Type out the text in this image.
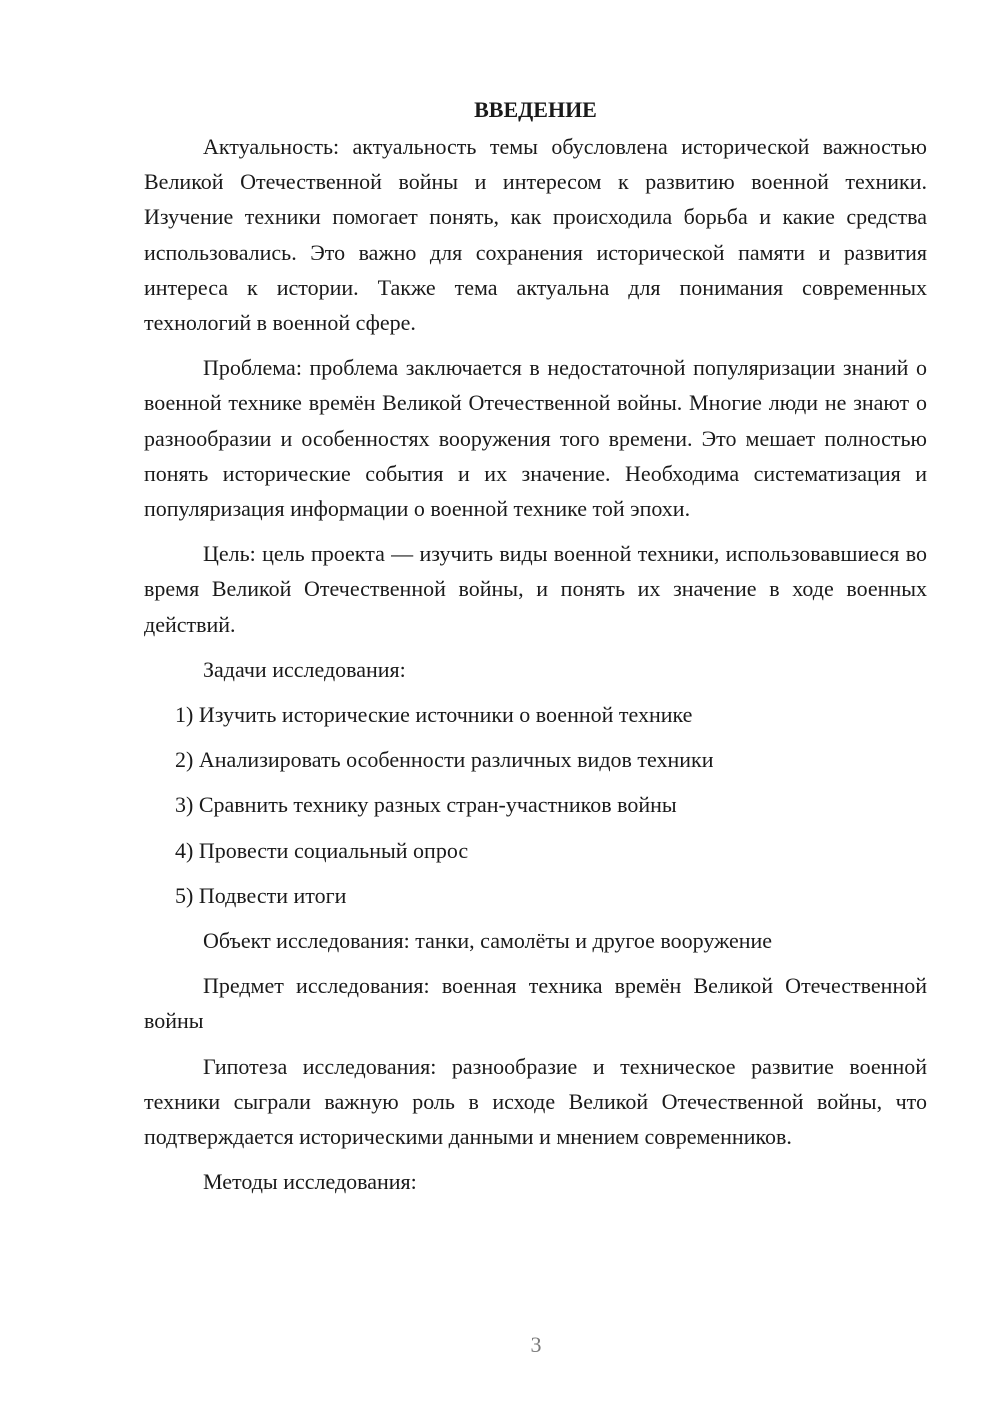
ВВЕДЕНИЕ

Актуальность: актуальность темы обусловлена исторической важностью Великой Отечественной войны и интересом к развитию военной техники. Изучение техники помогает понять, как происходила борьба и какие средства использовались. Это важно для сохранения исторической памяти и развития интереса к истории. Также тема актуальна для понимания современных технологий в военной сфере.

Проблема: проблема заключается в недостаточной популяризации знаний о военной технике времён Великой Отечественной войны. Многие люди не знают о разнообразии и особенностях вооружения того времени. Это мешает полностью понять исторические события и их значение. Необходима систематизация и популяризация информации о военной технике той эпохи.

Цель: цель проекта — изучить виды военной техники, использовавшиеся во время Великой Отечественной войны, и понять их значение в ходе военных действий.

Задачи исследования:

1) Изучить исторические источники о военной технике
2) Анализировать особенности различных видов техники
3) Сравнить технику разных стран-участников войны
4) Провести социальный опрос
5) Подвести итоги

Объект исследования: танки, самолёты и другое вооружение

Предмет исследования: военная техника времён Великой Отечественной войны

Гипотеза исследования: разнообразие и техническое развитие военной техники сыграли важную роль в исходе Великой Отечественной войны, что подтверждается историческими данными и мнением современников.

Методы исследования:

3
